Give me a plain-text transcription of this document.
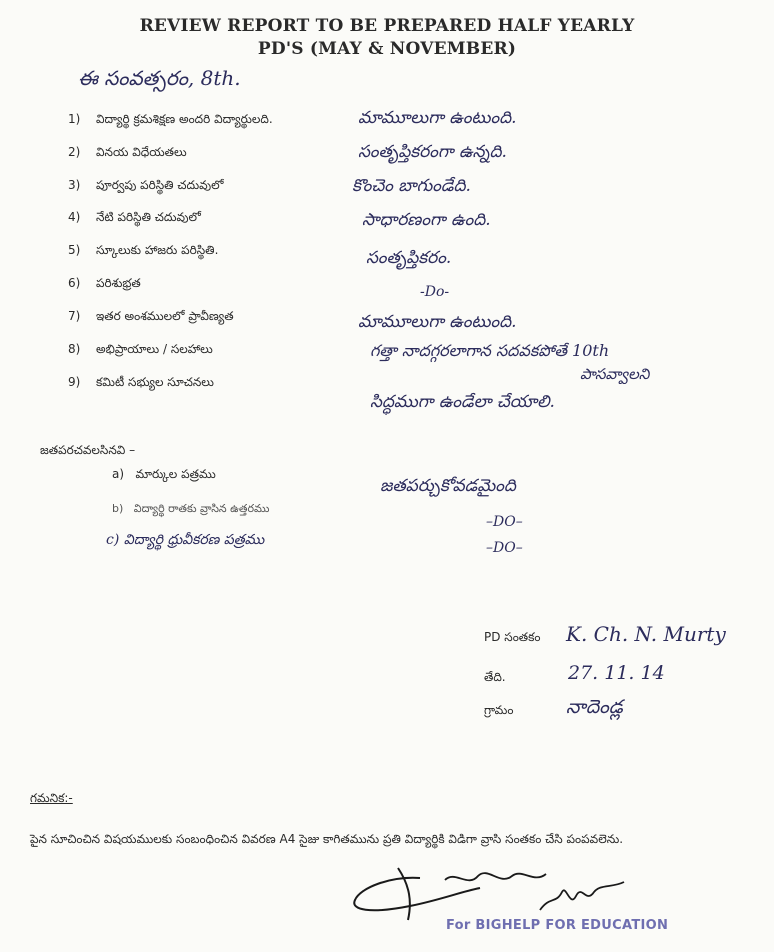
REVIEW REPORT TO BE PREPARED HALF YEARLY
PD'S (MAY & NOVEMBER)
ఈ సంవత్సరం, 8th.
1) విద్యార్థి క్రమశిక్షణ అందరి విద్యార్థులది.
2) వినయ విధేయతలు
3) పూర్వపు పరిస్థితి చదువులో
4) నేటి పరిస్థితి చదువులో
5) స్కూలుకు హాజరు పరిస్థితి.
6) పరిశుభ్రత
7) ఇతర అంశములలో ప్రావీణ్యత
8) అభిప్రాయాలు / సలహాలు
9) కమిటీ సభ్యుల సూచనలు
మామూలుగా ఉంటుంది.
సంతృప్తికరంగా ఉన్నది.
కొంచెం బాగుండేది.
సాధారణంగా ఉంది.
సంతృప్తికరం.
-Do-
మామూలుగా ఉంటుంది.
గత్తా నాదగ్గరలాగాన సదవకపోతే 10th
పాసవ్వాలని
సిద్ధముగా ఉండేలా చేయాలి.
జతపరచవలసినవి –
a) మార్కుల పత్రము
b) విద్యార్థి రాతకు వ్రాసిన ఉత్తరము
c) విద్యార్థి ధ్రువీకరణ పత్రము
జతపర్చుకోవడమైంది
–DO–
–DO–
PD సంతకం K. Ch. N. Murty
తేది.	27. 11. 14
గ్రామం	నాదెండ్ల
గమనిక:-
పైన సూచించిన విషయములకు సంబంధించిన వివరణ A4 సైజు కాగితమును ప్రతి విద్యార్థికి విడిగా వ్రాసి సంతకం చేసి పంపవలెను.
For BIGHELP FOR EDUCATION
